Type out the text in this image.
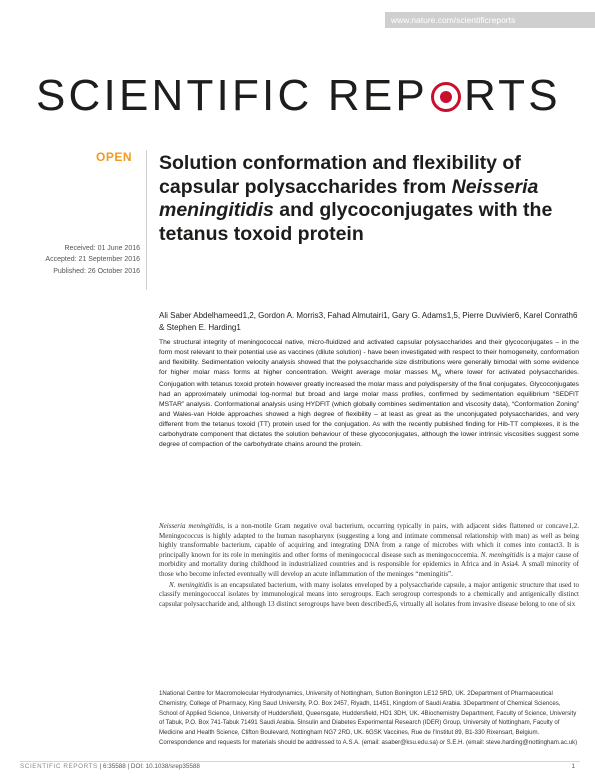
www.nature.com/scientificreports
SCIENTIFIC REP RTS
OPEN Solution conformation and flexibility of capsular polysaccharides from Neisseria meningitidis and glycoconjugates with the tetanus toxoid protein
Received: 01 June 2016
Accepted: 21 September 2016
Published: 26 October 2016
Ali Saber Abdelhameed1,2, Gordon A. Morris3, Fahad Almutairi1, Gary G. Adams1,5, Pierre Duvivier6, Karel Conrath6 & Stephen E. Harding1
The structural integrity of meningococcal native, micro-fluidized and activated capsular polysaccharides and their glycoconjugates – in the form most relevant to their potential use as vaccines (dilute solution) - have been investigated with respect to their homogeneity, conformation and flexibility. Sedimentation velocity analysis showed that the polysaccharide size distributions were generally bimodal with some evidence for higher molar mass forms at higher concentration. Weight average molar masses $M_w$ where lower for activated polysaccharides. Conjugation with tetanus toxoid protein however greatly increased the molar mass and polydispersity of the final conjugates. Glycoconjugates had an approximately unimodal log-normal but broad and large molar mass profiles, confirmed by sedimentation equilibrium “SEDFIT MSTAR” analysis. Conformational analysis using HYDFIT (which globally combines sedimentation and viscosity data), “Conformation Zoning” and Wales-van Holde approaches showed a high degree of flexibility – at least as great as the unconjugated polysaccharides, and very different from the tetanus toxoid (TT) protein used for the conjugation. As with the recently published finding for Hib-TT complexes, it is the carbohydrate component that dictates the solution behaviour of these glycoconjugates, although the lower intrinsic viscosities suggest some degree of compaction of the carbohydrate chains around the protein.

Neisseria meningitidis, is a non-motile Gram negative oval bacterium, occurring typically in pairs, with adjacent sides flattened or concave1,2. Meningococcus is highly adapted to the human nasopharynx (suggesting a long and intimate commensal relationship with man) as well as being highly transformable bacterium, capable of acquiring and integrating DNA from a range of microbes with which it comes into contact3. It is principally known for its role in meningitis and other forms of meningococcal disease such as meningococcemia. N. meningitidis is a major cause of morbidity and mortality during childhood in industrialized countries and is responsible for epidemics in Africa and in Asia4. A small minority of those who become infected eventually will develop an acute inflammation of the meninges “meningitis”.

N. meningitidis is an encapsulated bacterium, with many isolates enveloped by a polysaccharide capsule, a major antigenic structure that used to classify meningococcal isolates by immunological means into serogroups. Each serogroup corresponds to a chemically and antigenically distinct capsular polysaccharide and, although 13 distinct serogroups have been described5,6, virtually all isolates from invasive disease belong to one of six

1National Centre for Macromolecular Hydrodynamics, University of Nottingham, Sutton Bonington LE12 5RD, UK. 2Department of Pharmaceutical Chemistry, College of Pharmacy, King Saud University, P.O. Box 2457, Riyadh, 11451, Kingdom of Saudi Arabia. 3Department of Chemical Sciences, School of Applied Science, University of Huddersfield, Queensgate, Huddersfield, HD1 3DH, UK. 4Biochemistry Department, Faculty of Science, University of Tabuk, P.O. Box 741-Tabuk 71491 Saudi Arabia. 5Insulin and Diabetes Experimental Research (IDER) Group, University of Nottingham, Faculty of Medicine and Health Science, Clifton Boulevard, Nottingham NG7 2RD, UK. 6GSK Vaccines, Rue de l’Institut 89, B1-330 Rixensart, Belgium. Correspondence and requests for materials should be addressed to A.S.A. (email: asaber@ksu.edu.sa) or S.E.H. (email: steve.harding@nottingham.ac.uk)
SCIENTIFIC REPORTS | 6:35588 | DOI: 10.1038/srep35588	1
